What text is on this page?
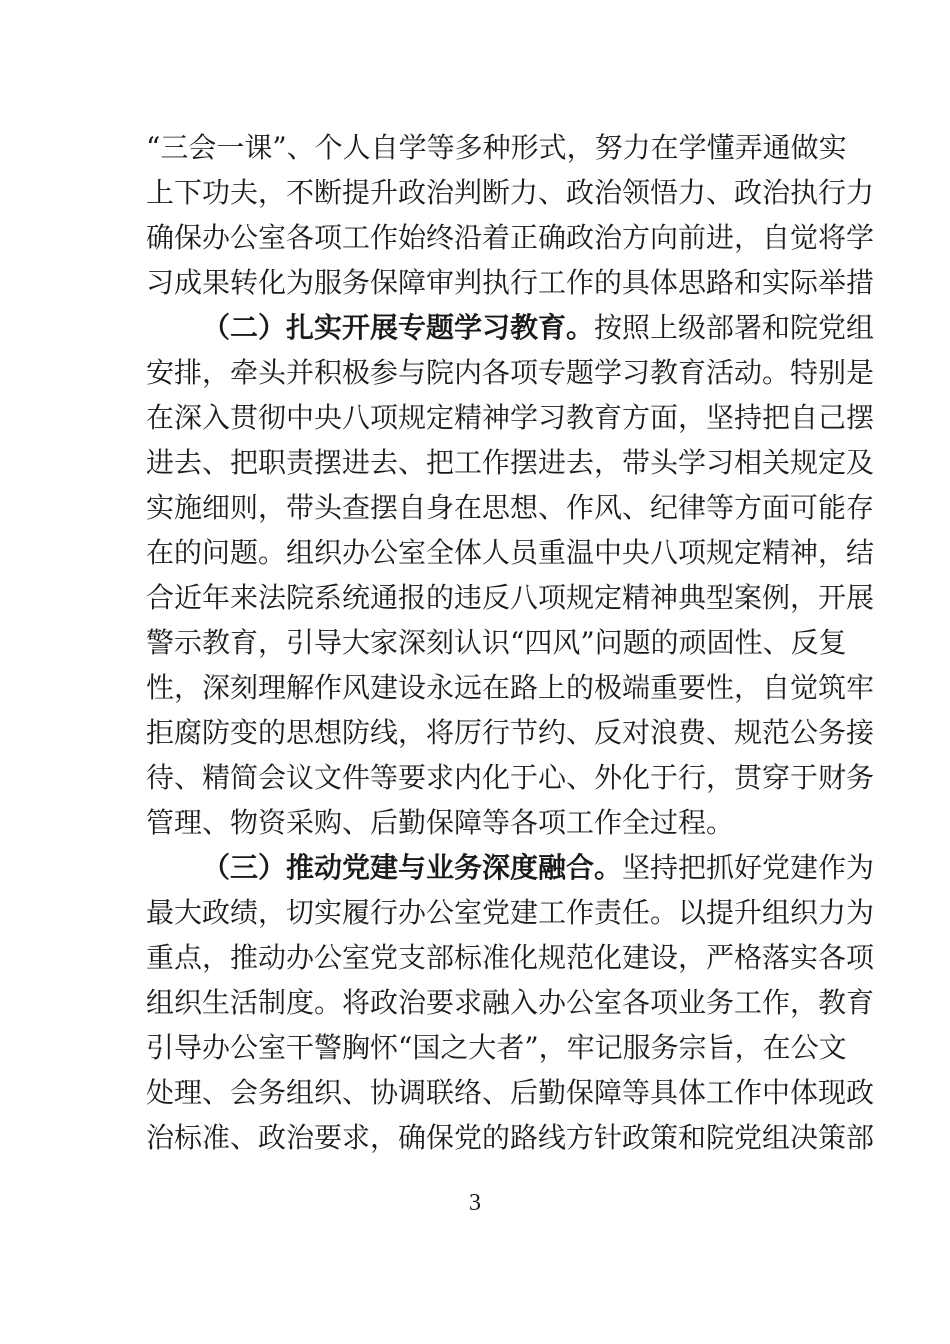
“三会一课”、个人自学等多种形式，努力在学懂弄通做实
上下功夫，不断提升政治判断力、政治领悟力、政治执行力
确保办公室各项工作始终沿着正确政治方向前进，自觉将学
习成果转化为服务保障审判执行工作的具体思路和实际举措
（二）扎实开展专题学习教育。按照上级部署和院党组
安排，牵头并积极参与院内各项专题学习教育活动。特别是
在深入贯彻中央八项规定精神学习教育方面，坚持把自己摆
进去、把职责摆进去、把工作摆进去，带头学习相关规定及
实施细则，带头查摆自身在思想、作风、纪律等方面可能存
在的问题。组织办公室全体人员重温中央八项规定精神，结
合近年来法院系统通报的违反八项规定精神典型案例，开展
警示教育，引导大家深刻认识“四风”问题的顽固性、反复
性，深刻理解作风建设永远在路上的极端重要性，自觉筑牢
拒腐防变的思想防线，将厉行节约、反对浪费、规范公务接
待、精简会议文件等要求内化于心、外化于行，贯穿于财务
管理、物资采购、后勤保障等各项工作全过程。
（三）推动党建与业务深度融合。坚持把抓好党建作为
最大政绩，切实履行办公室党建工作责任。以提升组织力为
重点，推动办公室党支部标准化规范化建设，严格落实各项
组织生活制度。将政治要求融入办公室各项业务工作，教育
引导办公室干警胸怀“国之大者”，牢记服务宗旨，在公文
处理、会务组织、协调联络、后勤保障等具体工作中体现政
治标准、政治要求，确保党的路线方针政策和院党组决策部
3
